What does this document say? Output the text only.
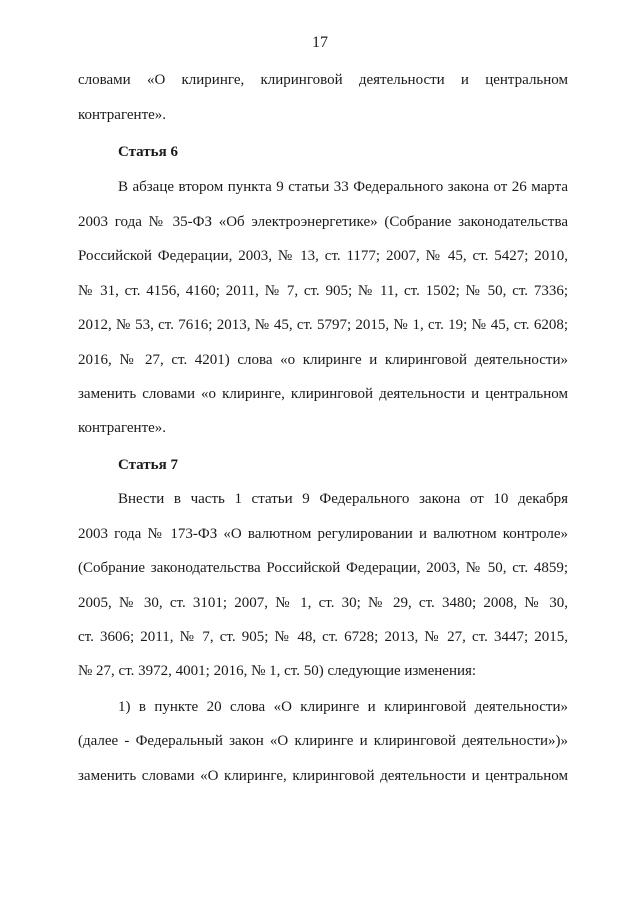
17
словами «О клиринге, клиринговой деятельности и центральном
контрагенте».
Статья 6
В абзаце втором пункта 9 статьи 33 Федерального закона от 26 марта
2003 года № 35-ФЗ «Об электроэнергетике» (Собрание законодательства
Российской Федерации, 2003, № 13, ст. 1177; 2007, № 45, ст. 5427; 2010,
№ 31, ст. 4156, 4160; 2011, № 7, ст. 905; № 11, ст. 1502; № 50, ст. 7336;
2012, № 53, ст. 7616; 2013, № 45, ст. 5797; 2015, № 1, ст. 19; № 45, ст. 6208;
2016, № 27, ст. 4201) слова «о клиринге и клиринговой деятельности»
заменить словами «о клиринге, клиринговой деятельности и центральном
контрагенте».
Статья 7
Внести в часть 1 статьи 9 Федерального закона от 10 декабря
2003 года № 173-ФЗ «О валютном регулировании и валютном контроле»
(Собрание законодательства Российской Федерации, 2003, № 50, ст. 4859;
2005, № 30, ст. 3101; 2007, № 1, ст. 30; № 29, ст. 3480; 2008, № 30,
ст. 3606; 2011, № 7, ст. 905; № 48, ст. 6728; 2013, № 27, ст. 3447; 2015,
№ 27, ст. 3972, 4001; 2016, № 1, ст. 50) следующие изменения:
1) в пункте 20 слова «О клиринге и клиринговой деятельности»
(далее - Федеральный закон «О клиринге и клиринговой деятельности»)»
заменить словами «О клиринге, клиринговой деятельности и центральном
